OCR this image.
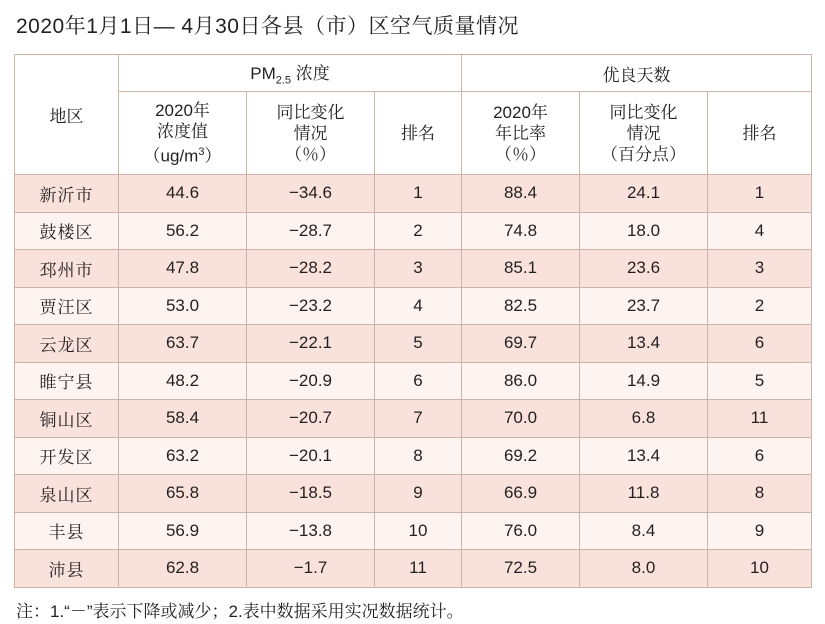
2020年1月1日— 4月30日各县（市）区空气质量情况
地区	$PM_{2.5}$ 浓度			优良天数		

	2020年
浓度值
$(ug/m^3)$	同比变化
情况
（％）	排名	2020年
年比率
（％）	同比变化
情况
（百分点）	排名
新沂市	44.6	−34.6	1	88.4	24.1	1
鼓楼区	56.2	−28.7	2	74.8	18.0	4
邳州市	47.8	−28.2	3	85.1	23.6	3
贾汪区	53.0	−23.2	4	82.5	23.7	2
云龙区	63.7	−22.1	5	69.7	13.4	6
睢宁县	48.2	−20.9	6	86.0	14.9	5
铜山区	58.4	−20.7	7	70.0	6.8	11
开发区	63.2	−20.1	8	69.2	13.4	6
泉山区	65.8	−18.5	9	66.9	11.8	8
丰县	56.9	−13.8	10	76.0	8.4	9
沛县	62.8	−1.7	11	72.5	8.0	10
注：1.“－”表示下降或减少；2.表中数据采用实况数据统计。
